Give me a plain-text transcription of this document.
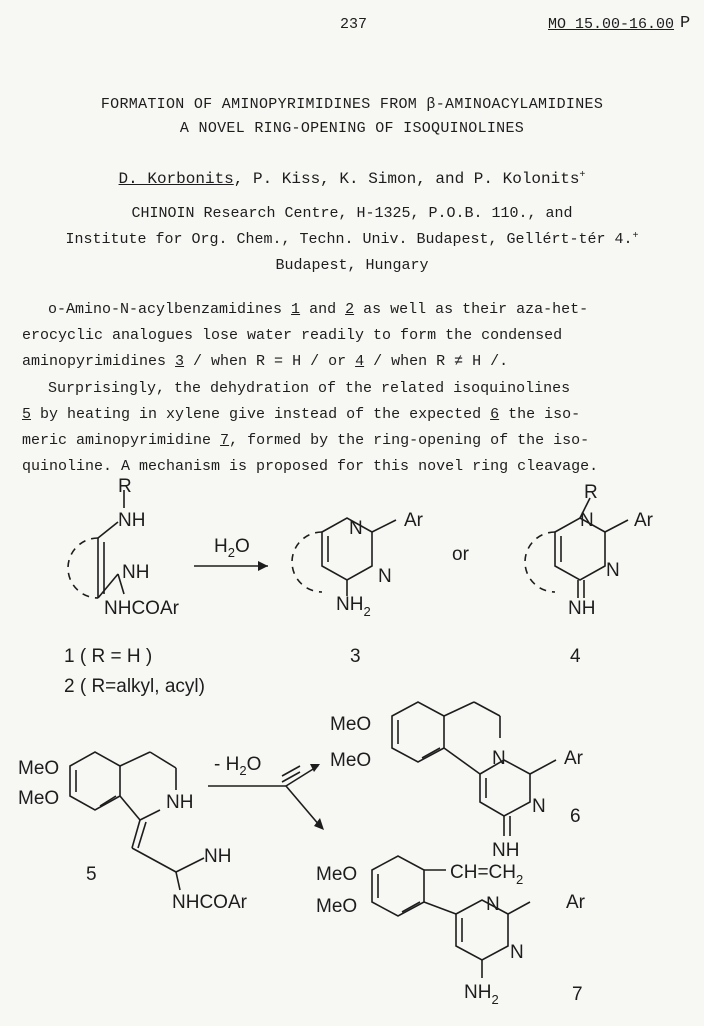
237	MO 15.00-16.00 P
FORMATION OF AMINOPYRIMIDINES FROM β-AMINOACYLAMIDINES
A NOVEL RING-OPENING OF ISOQUINOLINES
D. Korbonits, P. Kiss, K. Simon, and P. Kolonits+
CHINOIN Research Centre, H-1325, P.O.B. 110., and
Institute for Org. Chem., Techn. Univ. Budapest, Gellért-tér 4.+
Budapest, Hungary
o-Amino-N-acylbenzamidines 1 and 2 as well as their aza-het-
erocyclic analogues lose water readily to form the condensed
aminopyrimidines 3 / when R = H / or 4 / when R ≠ H /.
Surprisingly, the dehydration of the related isoquinolines
5 by heating in xylene give instead of the expected 6 the iso-
meric aminopyrimidine 7, formed by the ring-opening of the iso-
quinoline. A mechanism is proposed for this novel ring cleavage.
R
NH
NH
NHCOAr
$H_2O$
N Ar
N
$NH_2$
or
R
N Ar
N
NH
1 ( R = H )
2 ( R=alkyl, acyl)
3	4
MeO
MeO	NH
NH
NHCOAr
5
- $H_2O$
MeO
MeO	N	Ar
N
NH
6
MeO
MeO
$CH=CH_2$
N	Ar
N
$NH_2$	7
